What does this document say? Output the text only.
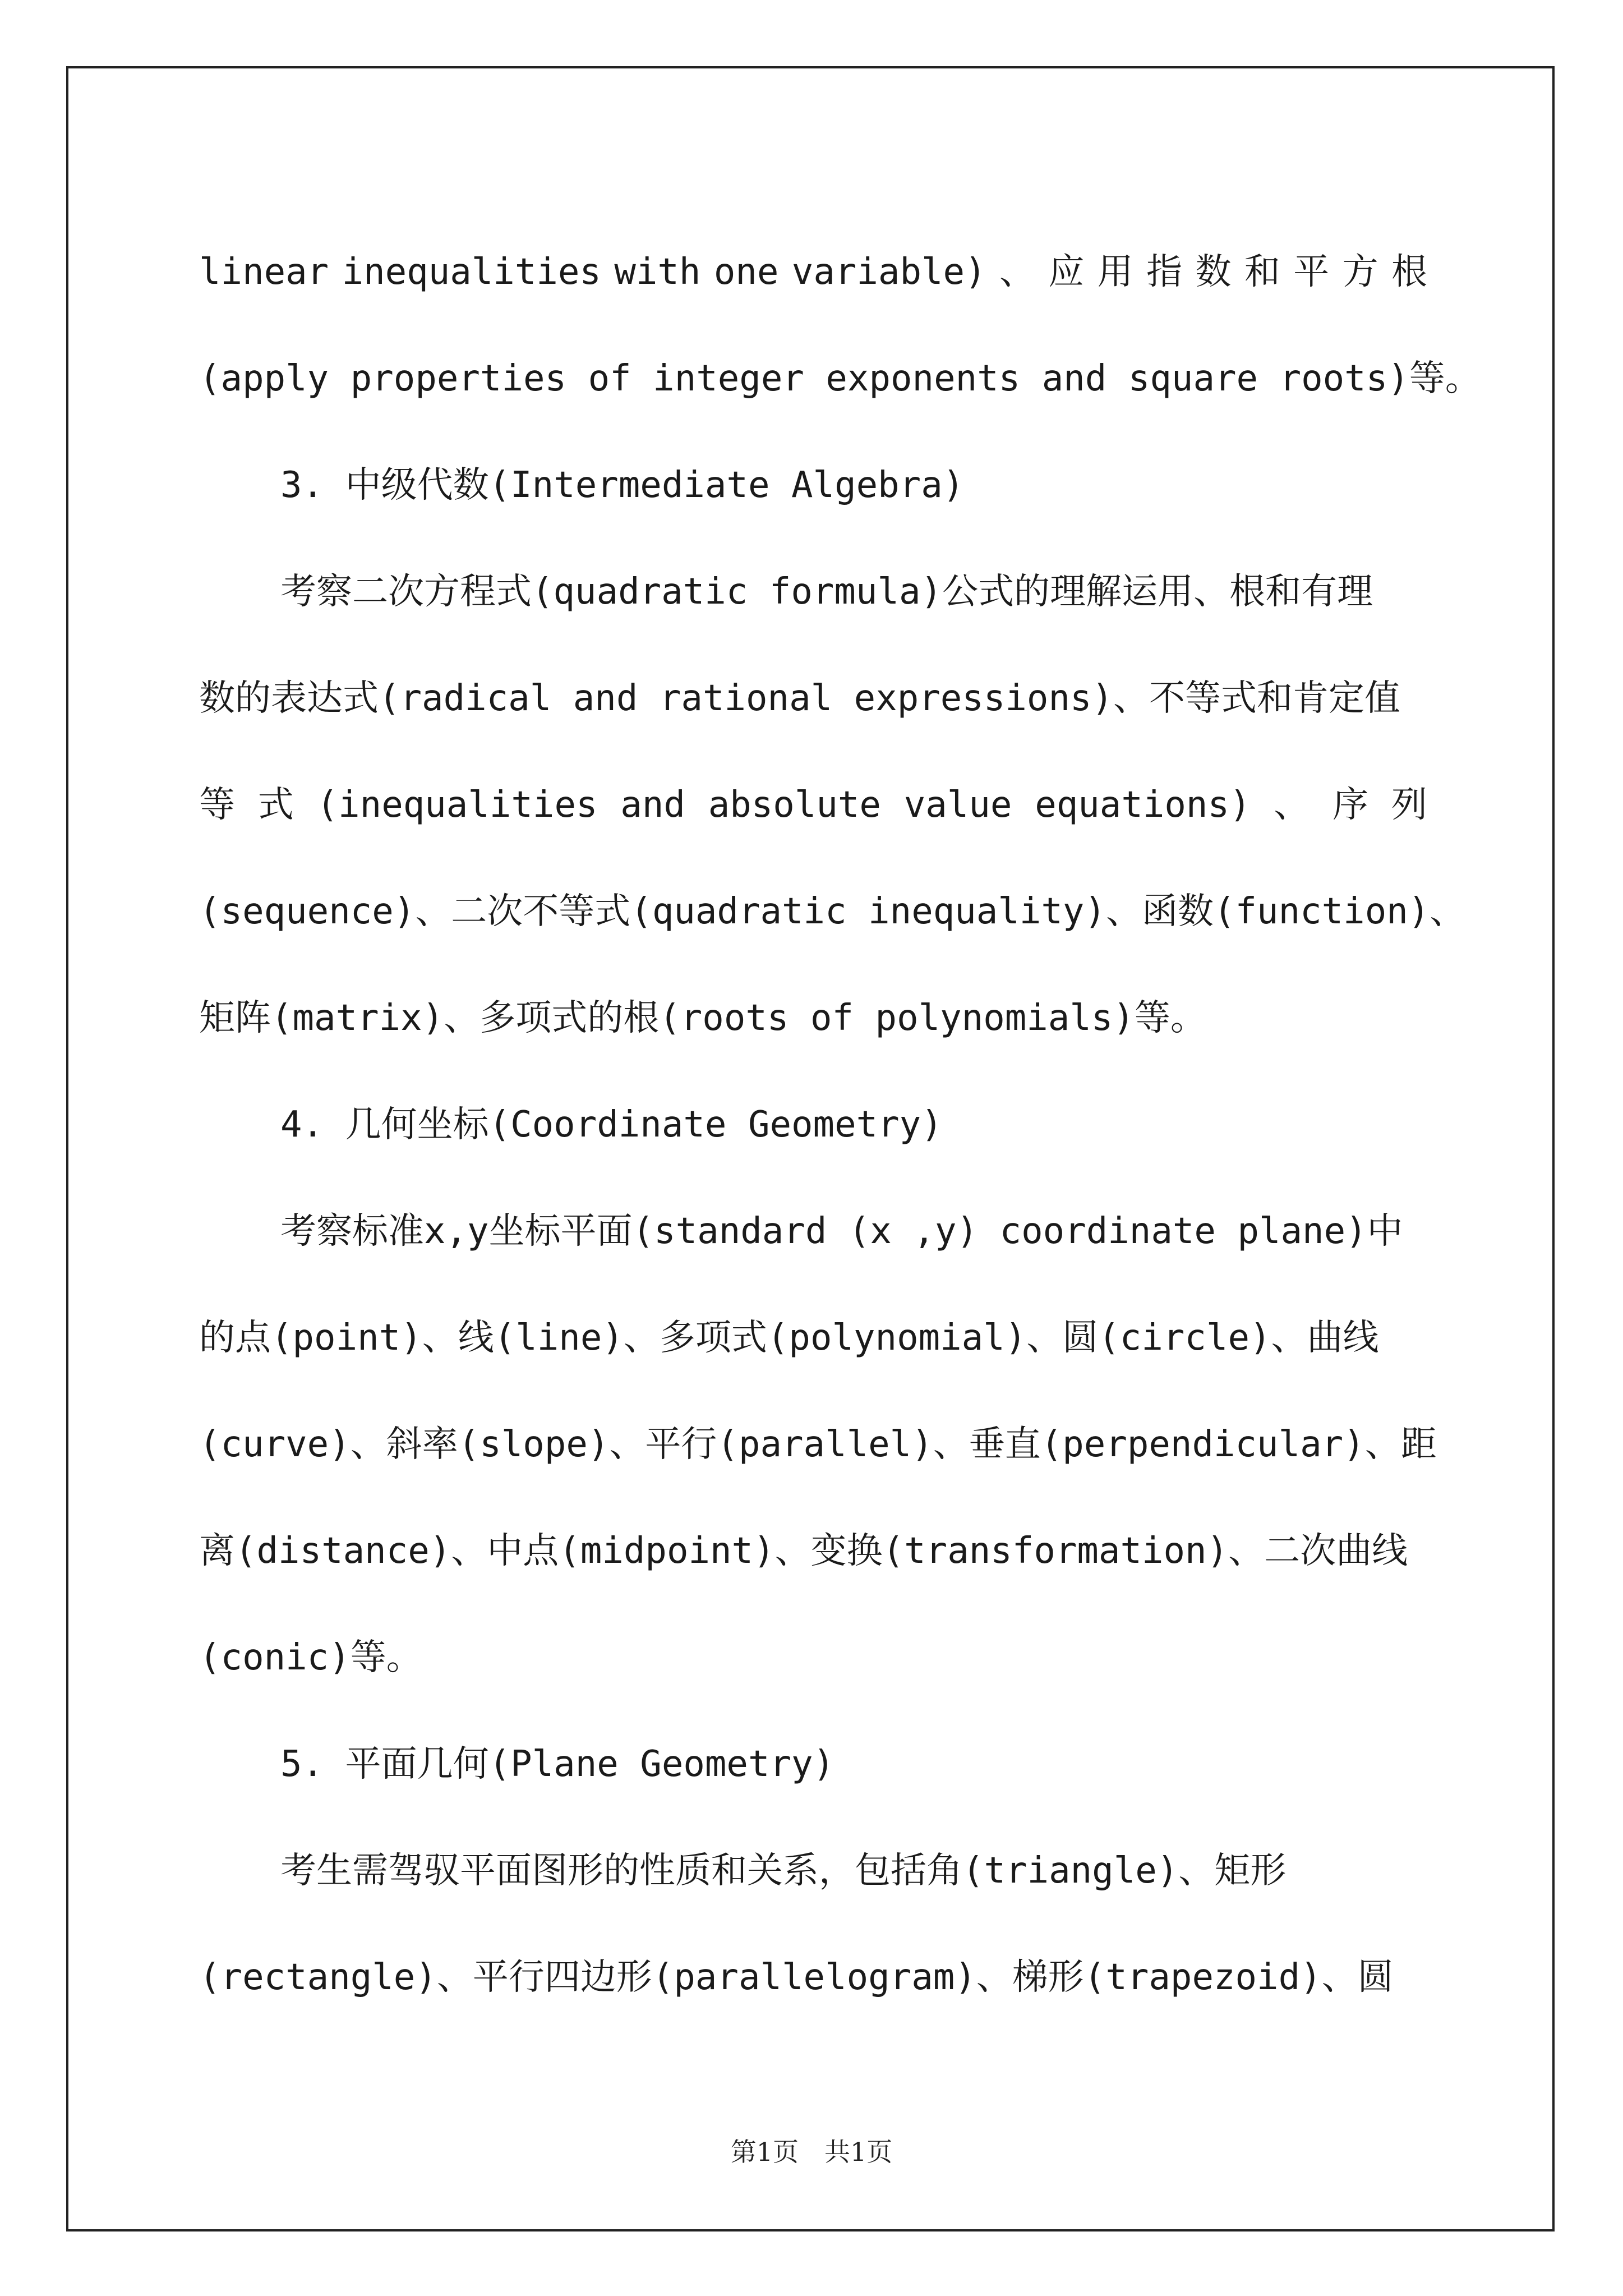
linear inequalities with one variable) 、 应 用 指 数 和 平 方 根
(apply properties of integer exponents and square roots)等。
3. 中级代数(Intermediate Algebra)
考察二次方程式(quadratic formula)公式的理解运用、根和有理
数的表达式(radical and rational expressions)、不等式和肯定值
等 式 (inequalities and absolute value equations) 、 序 列
(sequence)、二次不等式(quadratic inequality)、函数(function)、
矩阵(matrix)、多项式的根(roots of polynomials)等。
4. 几何坐标(Coordinate Geometry)
考察标准x,y坐标平面(standard (x ,y) coordinate plane)中
的点(point)、线(line)、多项式(polynomial)、圆(circle)、曲线
(curve)、斜率(slope)、平行(parallel)、垂直(perpendicular)、距
离(distance)、中点(midpoint)、变换(transformation)、二次曲线
(conic)等。
5. 平面几何(Plane Geometry)
考生需驾驭平面图形的性质和关系，包括角(triangle)、矩形
(rectangle)、平行四边形(parallelogram)、梯形(trapezoid)、圆
第1页　共1页
